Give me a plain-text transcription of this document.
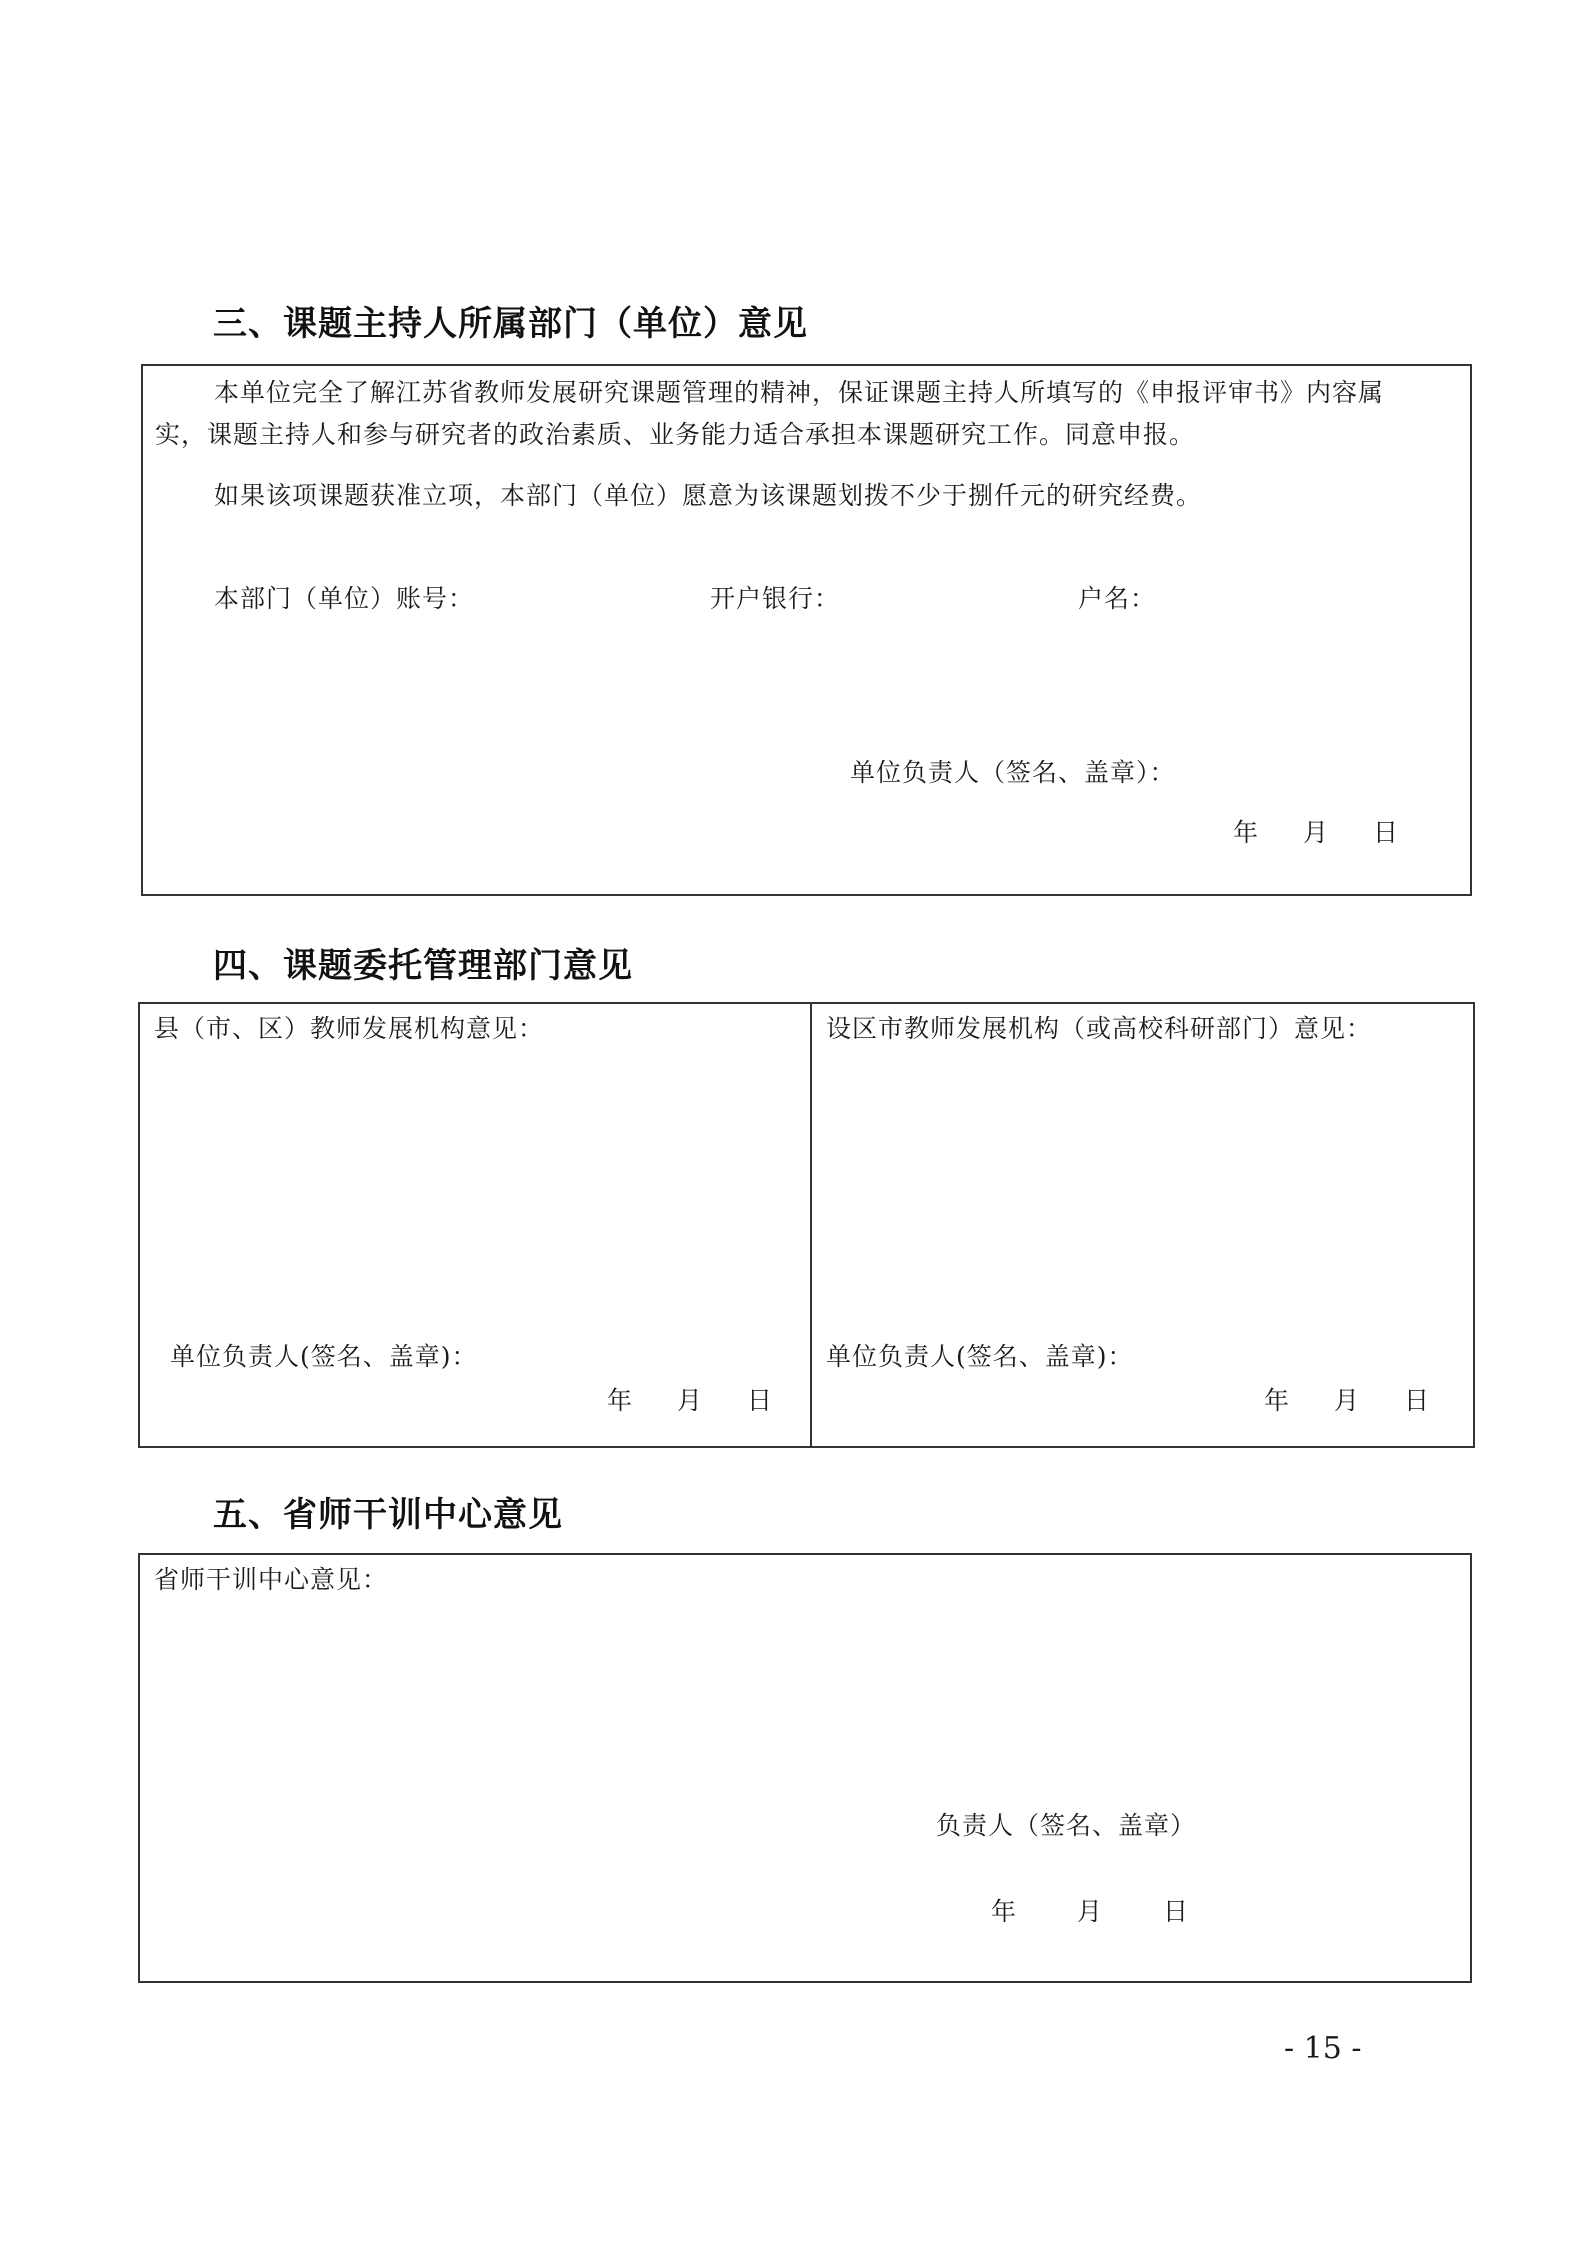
三、课题主持人所属部门（单位）意见
本单位完全了解江苏省教师发展研究课题管理的精神，保证课题主持人所填写的《申报评审书》内容属
实，课题主持人和参与研究者的政治素质、业务能力适合承担本课题研究工作。同意申报。
如果该项课题获准立项，本部门（单位）愿意为该课题划拨不少于捌仟元的研究经费。
本部门（单位）账号：	开户银行：	户名：
单位负责人（签名、盖章）：
年 月 日
四、课题委托管理部门意见
县（市、区）教师发展机构意见：
单位负责人(签名、盖章)：
年 月 日
设区市教师发展机构（或高校科研部门）意见：
单位负责人(签名、盖章)：
年 月 日
五、省师干训中心意见
省师干训中心意见：
负责人（签名、盖章）
年 月 日
- 15 -
